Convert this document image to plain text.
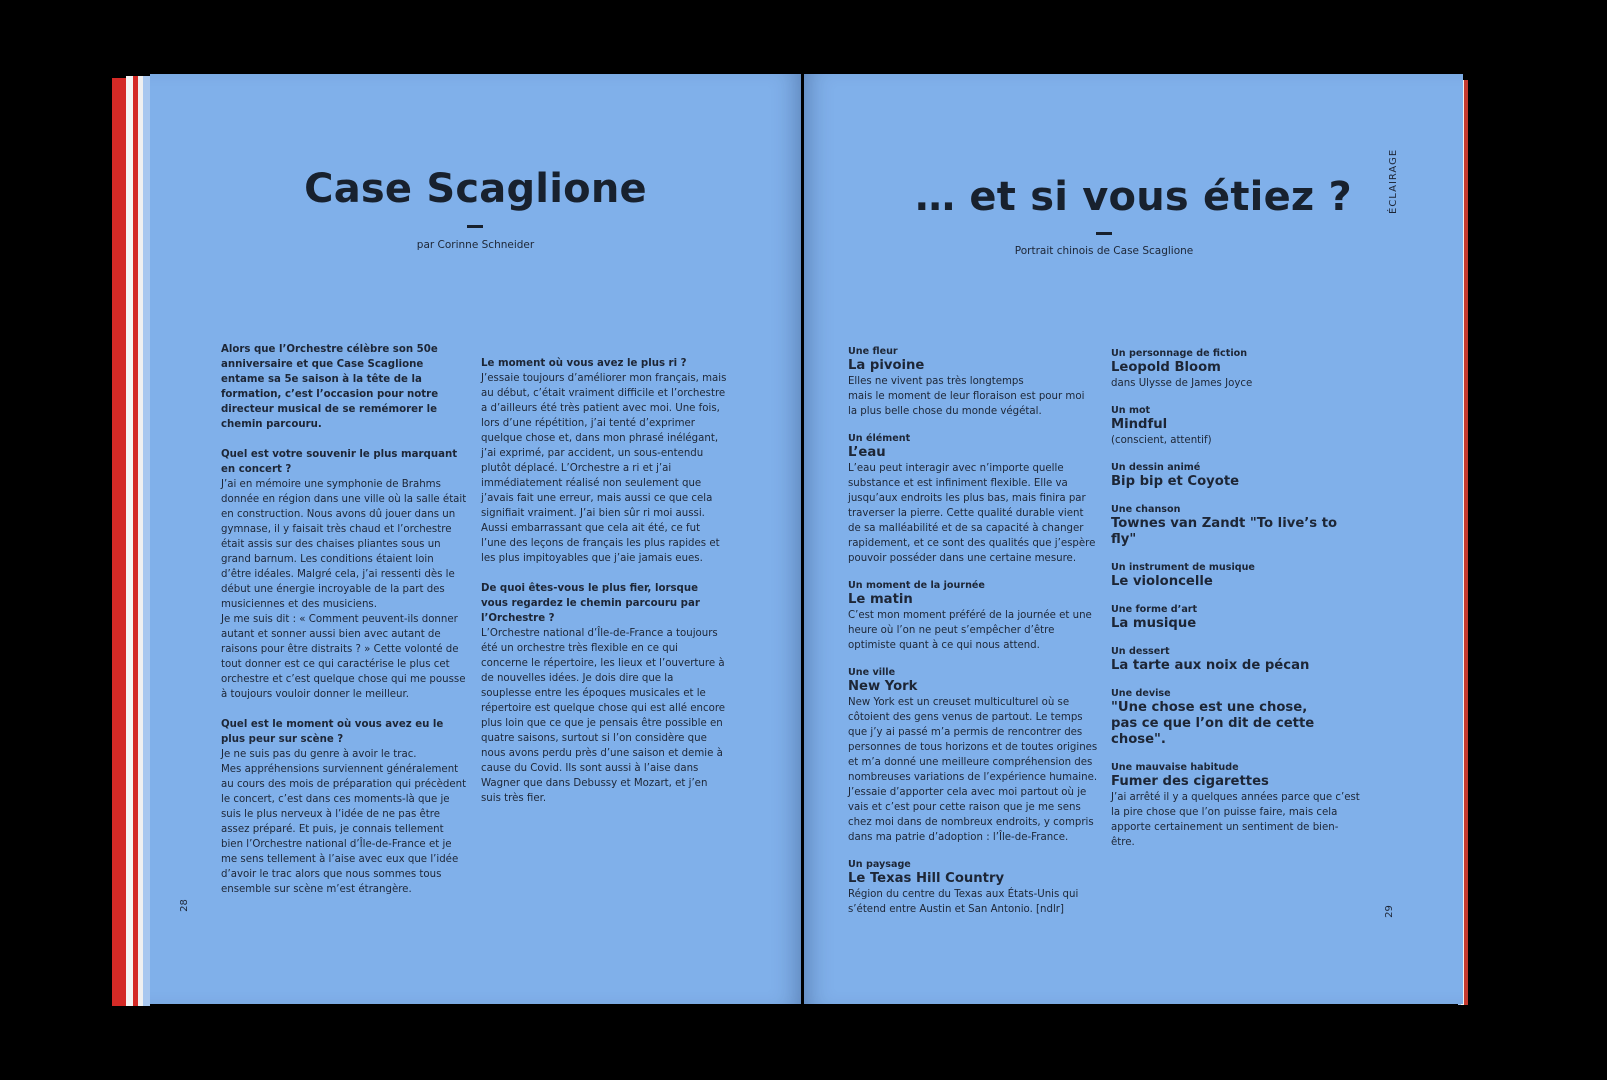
Case Scaglione
par Corinne Schneider

Alors que l’Orchestre célèbre son 50e anniversaire et que Case Scaglione entame sa 5e saison à la tête de la formation, c’est l’occasion pour notre directeur musical de se remémorer le chemin parcouru.

Quel est votre souvenir le plus marquant en concert ?

J’ai en mémoire une symphonie de Brahms donnée en région dans une ville où la salle était en construction. Nous avons dû jouer dans un gymnase, il y faisait très chaud et l’orchestre était assis sur des chaises pliantes sous un grand barnum. Les conditions étaient loin d’être idéales. Malgré cela, j’ai ressenti dès le début une énergie incroyable de la part des musiciennes et des musiciens.
Je me suis dit : « Comment peuvent-ils donner autant et sonner aussi bien avec autant de raisons pour être distraits ? » Cette volonté de tout donner est ce qui caractérise le plus cet orchestre et c’est quelque chose qui me pousse à toujours vouloir donner le meilleur.

Quel est le moment où vous avez eu le plus peur sur scène ?

Je ne suis pas du genre à avoir le trac.
Mes appréhensions surviennent généralement au cours des mois de préparation qui précèdent le concert, c’est dans ces moments-là que je suis le plus nerveux à l’idée de ne pas être assez préparé. Et puis, je connais tellement bien l’Orchestre national d’Île-de-France et je me sens tellement à l’aise avec eux que l’idée d’avoir le trac alors que nous sommes tous ensemble sur scène m’est étrangère.

Le moment où vous avez le plus ri ?

J’essaie toujours d’améliorer mon français, mais au début, c’était vraiment difficile et l’orchestre a d’ailleurs été très patient avec moi. Une fois, lors d’une répétition, j’ai tenté d’exprimer quelque chose et, dans mon phrasé inélégant, j’ai exprimé, par accident, un sous-entendu plutôt déplacé. L’Orchestre a ri et j’ai immédiatement réalisé non seulement que j’avais fait une erreur, mais aussi ce que cela signifiait vraiment. J’ai bien sûr ri moi aussi. Aussi embarrassant que cela ait été, ce fut l’une des leçons de français les plus rapides et les plus impitoyables que j’aie jamais eues.

De quoi êtes-vous le plus fier, lorsque vous regardez le chemin parcouru par l’Orchestre ?

L’Orchestre national d’Île-de-France a toujours été un orchestre très flexible en ce qui concerne le répertoire, les lieux et l’ouverture à de nouvelles idées. Je dois dire que la souplesse entre les époques musicales et le répertoire est quelque chose qui est allé encore plus loin que ce que je pensais être possible en quatre saisons, surtout si l’on considère que nous avons perdu près d’une saison et demie à cause du Covid. Ils sont aussi à l’aise dans Wagner que dans Debussy et Mozart, et j’en suis très fier.

28
… et si vous étiez ?
Portrait chinois de Case Scaglione
ÉCLAIRAGE
Une fleur
La pivoine
Elles ne vivent pas très longtemps
mais le moment de leur floraison est pour moi
la plus belle chose du monde végétal.
Un élément
L’eau
L’eau peut interagir avec n’importe quelle substance et est infiniment flexible. Elle va jusqu’aux endroits les plus bas, mais finira par traverser la pierre. Cette qualité durable vient de sa malléabilité et de sa capacité à changer rapidement, et ce sont des qualités que j’espère pouvoir posséder dans une certaine mesure.
Un moment de la journée
Le matin
C’est mon moment préféré de la journée et une heure où l’on ne peut s’empêcher d’être optimiste quant à ce qui nous attend.
Une ville
New York
New York est un creuset multiculturel où se côtoient des gens venus de partout. Le temps que j’y ai passé m’a permis de rencontrer des personnes de tous horizons et de toutes origines et m’a donné une meilleure compréhension des nombreuses variations de l’expérience humaine. J’essaie d’apporter cela avec moi partout où je vais et c’est pour cette raison que je me sens chez moi dans de nombreux endroits, y compris dans ma patrie d’adoption : l’Île-de-France.
Un paysage
Le Texas Hill Country
Région du centre du Texas aux États-Unis qui s’étend entre Austin et San Antonio. [ndlr]
Un personnage de fiction
Leopold Bloom
dans Ulysse de James Joyce
Un mot
Mindful
(conscient, attentif)
Un dessin animé
Bip bip et Coyote
Une chanson
Townes van Zandt "To live’s to fly"
Un instrument de musique
Le violoncelle
Une forme d’art
La musique
Un dessert
La tarte aux noix de pécan
Une devise
"Une chose est une chose,
pas ce que l’on dit de cette chose".
Une mauvaise habitude
Fumer des cigarettes
J’ai arrêté il y a quelques années parce que c’est la pire chose que l’on puisse faire, mais cela apporte certainement un sentiment de bien-être.
29
